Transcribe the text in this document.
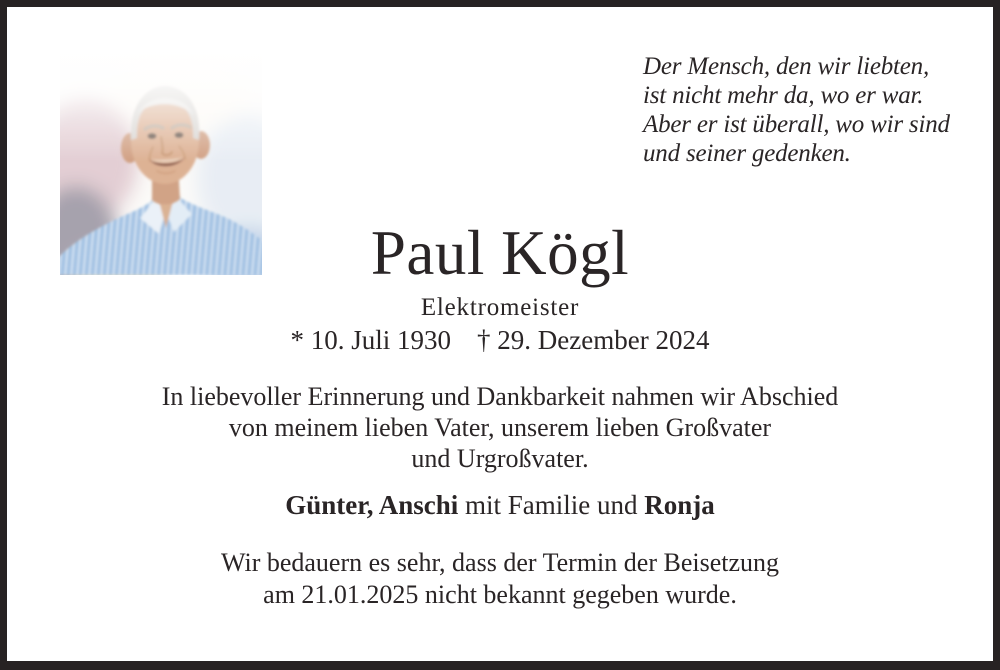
Der Mensch, den wir liebten,
ist nicht mehr da, wo er war.
Aber er ist überall, wo wir sind
und seiner gedenken.
Paul Kögl
Elektromeister
* 10. Juli 1930 † 29. Dezember 2024
In liebevoller Erinnerung und Dankbarkeit nahmen wir Abschied
von meinem lieben Vater, unserem lieben Großvater
und Urgroßvater.
Günter, Anschi mit Familie und Ronja
Wir bedauern es sehr, dass der Termin der Beisetzung
am 21.01.2025 nicht bekannt gegeben wurde.
